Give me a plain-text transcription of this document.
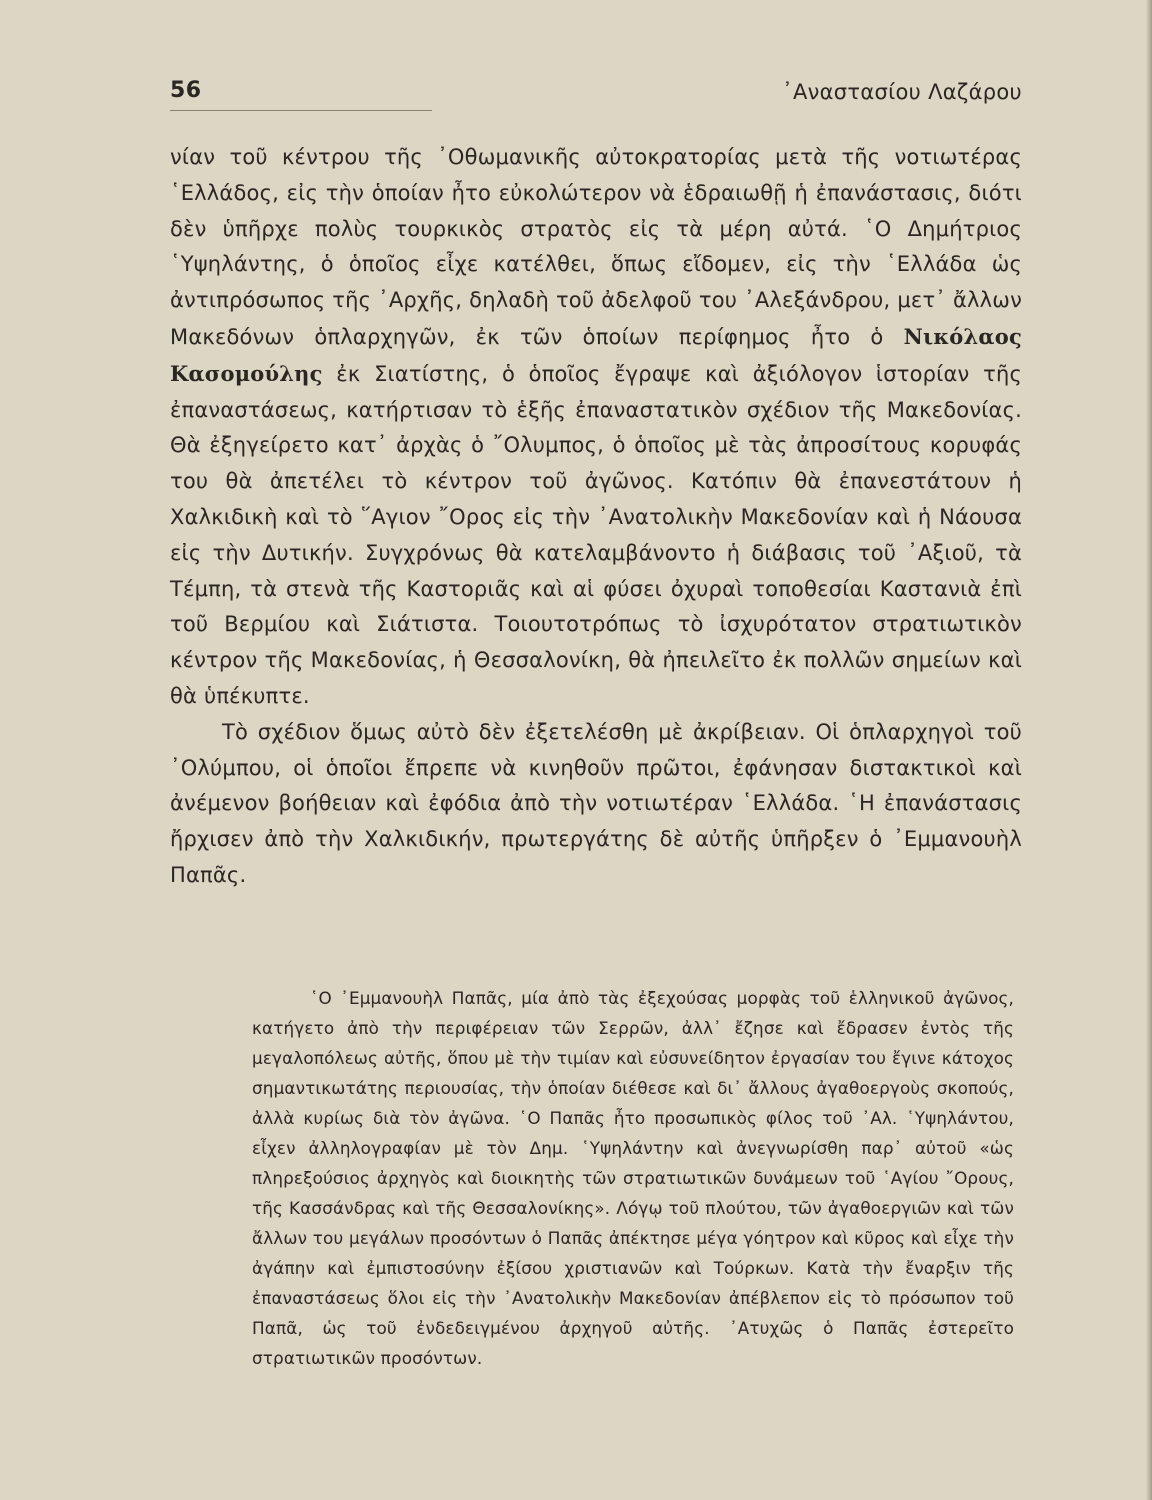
56	᾿Αναστασίου Λαζάρου

νίαν τοῦ κέντρου τῆς ᾿Οθωμανικῆς αὐτοκρατορίας μετὰ τῆς νοτιωτέρας ῾Ελλάδος, εἰς τὴν ὁποίαν ἦτο εὐκολώτερον νὰ ἑδραιωθῇ ἡ ἐπανάστασις, διότι δὲν ὑπῆρχε πολὺς τουρκικὸς στρατὸς εἰς τὰ μέρη αὐτά. ῾Ο Δημήτριος ῾Υψηλάντης, ὁ ὁποῖος εἶχε κατέλθει, ὅπως εἴδομεν, εἰς τὴν ῾Ελλάδα ὡς ἀντιπρόσωπος τῆς ᾿Αρχῆς, δηλαδὴ τοῦ ἀδελφοῦ του ᾿Αλεξάνδρου, μετ᾿ ἄλλων Μακεδόνων ὁπλαρχηγῶν, ἐκ τῶν ὁποίων περίφημος ἦτο ὁ Νικόλαος Κασομούλης ἐκ Σιατίστης, ὁ ὁποῖος ἔγραψε καὶ ἀξιόλογον ἱστορίαν τῆς ἐπαναστάσεως, κατήρτισαν τὸ ἑξῆς ἐπαναστατικὸν σχέδιον τῆς Μακεδονίας. Θὰ ἐξηγείρετο κατ᾿ ἀρχὰς ὁ ῎Ολυμπος, ὁ ὁποῖος μὲ τὰς ἀπροσίτους κορυφάς του θὰ ἀπετέλει τὸ κέντρον τοῦ ἀγῶνος. Κατόπιν θὰ ἐπανεστάτουν ἡ Χαλκιδικὴ καὶ τὸ ῞Αγιον ῎Ορος εἰς τὴν ᾿Ανατολικὴν Μακεδονίαν καὶ ἡ Νάουσα εἰς τὴν Δυτικήν. Συγχρόνως θὰ κατελαμβάνοντο ἡ διάβασις τοῦ ᾿Αξιοῦ, τὰ Τέμπη, τὰ στενὰ τῆς Καστοριᾶς καὶ αἱ φύσει ὀχυραὶ τοποθεσίαι Καστανιὰ ἐπὶ τοῦ Βερμίου καὶ Σιάτιστα. Τοιουτοτρόπως τὸ ἰσχυρότατον στρατιωτικὸν κέντρον τῆς Μακεδονίας, ἡ Θεσσαλονίκη, θὰ ἠπειλεῖτο ἐκ πολλῶν σημείων καὶ θὰ ὑπέκυπτε.

Τὸ σχέδιον ὅμως αὐτὸ δὲν ἐξετελέσθη μὲ ἀκρίβειαν. Οἱ ὁπλαρχηγοὶ τοῦ ᾿Ολύμπου, οἱ ὁποῖοι ἔπρεπε νὰ κινηθοῦν πρῶτοι, ἐφάνησαν διστακτικοὶ καὶ ἀνέμενον βοήθειαν καὶ ἐφόδια ἀπὸ τὴν νοτιωτέραν ῾Ελλάδα. ῾Η ἐπανάστασις ἤρχισεν ἀπὸ τὴν Χαλκιδικήν, πρωτεργάτης δὲ αὐτῆς ὑπῆρξεν ὁ ᾿Εμμανουὴλ Παπᾶς.

῾Ο ᾿Εμμανουὴλ Παπᾶς, μία ἀπὸ τὰς ἐξεχούσας μορφὰς τοῦ ἑλληνικοῦ ἀγῶνος, κατήγετο ἀπὸ τὴν περιφέρειαν τῶν Σερρῶν, ἀλλ᾿ ἔζησε καὶ ἔδρασεν ἐντὸς τῆς μεγαλοπόλεως αὐτῆς, ὅπου μὲ τὴν τιμίαν καὶ εὐσυνείδητον ἐργασίαν του ἔγινε κάτοχος σημαντικωτάτης περιουσίας, τὴν ὁποίαν διέθεσε καὶ δι᾿ ἄλλους ἀγαθοεργοὺς σκοπούς, ἀλλὰ κυρίως διὰ τὸν ἀγῶνα. ῾Ο Παπᾶς ἦτο προσωπικὸς φίλος τοῦ ᾿Αλ. ῾Υψηλάντου, εἶχεν ἀλληλογραφίαν μὲ τὸν Δημ. ῾Υψηλάντην καὶ ἀνεγνωρίσθη παρ᾿ αὐτοῦ «ὡς πληρεξούσιος ἀρχηγὸς καὶ διοικητὴς τῶν στρατιωτικῶν δυνάμεων τοῦ ῾Αγίου ῎Ορους, τῆς Κασσάνδρας καὶ τῆς Θεσσαλονίκης». Λόγῳ τοῦ πλούτου, τῶν ἀγαθοεργιῶν καὶ τῶν ἄλλων του μεγάλων προσόντων ὁ Παπᾶς ἀπέκτησε μέγα γόητρον καὶ κῦρος καὶ εἶχε τὴν ἀγάπην καὶ ἐμπιστοσύνην ἐξίσου χριστιανῶν καὶ Τούρκων. Κατὰ τὴν ἔναρξιν τῆς ἐπαναστάσεως ὅλοι εἰς τὴν ᾿Ανατολικὴν Μακεδονίαν ἀπέβλεπον εἰς τὸ πρόσωπον τοῦ Παπᾶ, ὡς τοῦ ἐνδεδειγμένου ἀρχηγοῦ αὐτῆς. ᾿Ατυχῶς ὁ Παπᾶς ἐστερεῖτο στρατιωτικῶν προσόντων.
